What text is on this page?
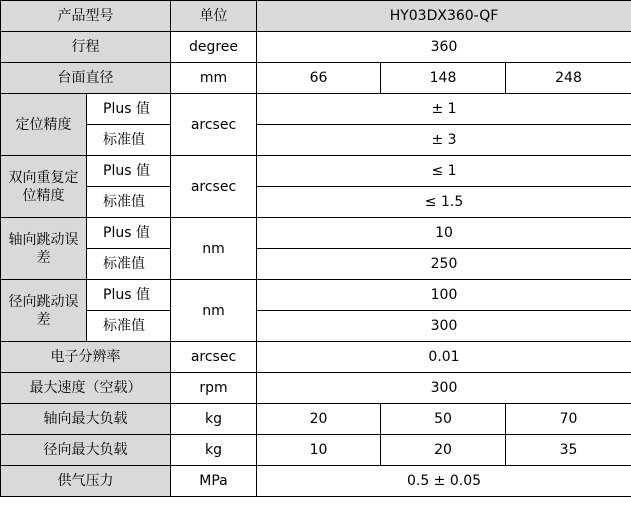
产品型号		单位	HY03DX360-QF		
行程		degree	360		
台面直径		mm	66	148	248
定位精度	Plus 值	arcsec	± 1		
	标准值		± 3		
双向重复定位精度	Plus 值	arcsec	≤ 1		
	标准值		≤ 1.5		
轴向跳动误差	Plus 值	nm	10		
	标准值		250		
径向跳动误差	Plus 值	nm	100		
	标准值		300		
电子分辨率		arcsec	0.01		
最大速度（空载）		rpm	300		
轴向最大负载		kg	20	50	70
径向最大负载		kg	10	20	35
供气压力		MPa	0.5 ± 0.05		
